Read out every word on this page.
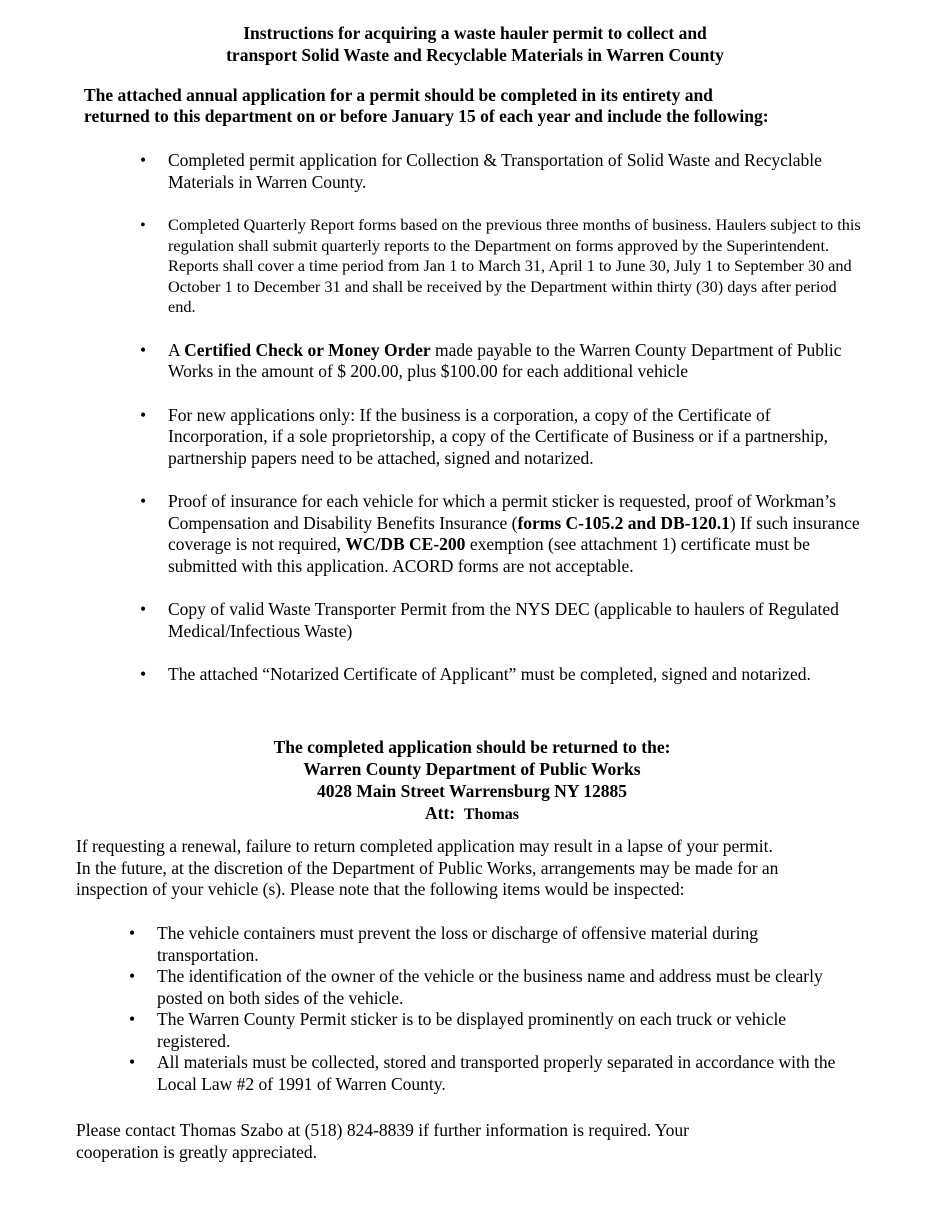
Instructions for acquiring a waste hauler permit to collect and
transport Solid Waste and Recyclable Materials in Warren County
The attached annual application for a permit should be completed in its entirety and
returned to this department on or before January 15 of each year and include the following:
• Completed permit application for Collection & Transportation of Solid Waste and Recyclable Materials in Warren County.
• Completed Quarterly Report forms based on the previous three months of business. Haulers subject to this regulation shall submit quarterly reports to the Department on forms approved by the Superintendent. Reports shall cover a time period from Jan 1 to March 31, April 1 to June 30, July 1 to September 30 and October 1 to December 31 and shall be received by the Department within thirty (30) days after period end.
• A Certified Check or Money Order made payable to the Warren County Department of Public Works in the amount of $ 200.00, plus $100.00 for each additional vehicle
• For new applications only: If the business is a corporation, a copy of the Certificate of Incorporation, if a sole proprietorship, a copy of the Certificate of Business or if a partnership, partnership papers need to be attached, signed and notarized.
• Proof of insurance for each vehicle for which a permit sticker is requested, proof of Workman’s Compensation and Disability Benefits Insurance (forms C-105.2 and DB-120.1) If such insurance coverage is not required, WC/DB CE-200 exemption (see attachment 1) certificate must be submitted with this application. ACORD forms are not acceptable.
• Copy of valid Waste Transporter Permit from the NYS DEC (applicable to haulers of Regulated Medical/Infectious Waste)
• The attached “Notarized Certificate of Applicant” must be completed, signed and notarized.
The completed application should be returned to the:
Warren County Department of Public Works
4028 Main Street Warrensburg NY 12885
Att: Thomas
If requesting a renewal, failure to return completed application may result in a lapse of your permit.
In the future, at the discretion of the Department of Public Works, arrangements may be made for an
inspection of your vehicle (s). Please note that the following items would be inspected:
• The vehicle containers must prevent the loss or discharge of offensive material during transportation.
• The identification of the owner of the vehicle or the business name and address must be clearly posted on both sides of the vehicle.
• The Warren County Permit sticker is to be displayed prominently on each truck or vehicle registered.
• All materials must be collected, stored and transported properly separated in accordance with the Local Law #2 of 1991 of Warren County.
Please contact Thomas Szabo at (518) 824-8839 if further information is required. Your
cooperation is greatly appreciated.
